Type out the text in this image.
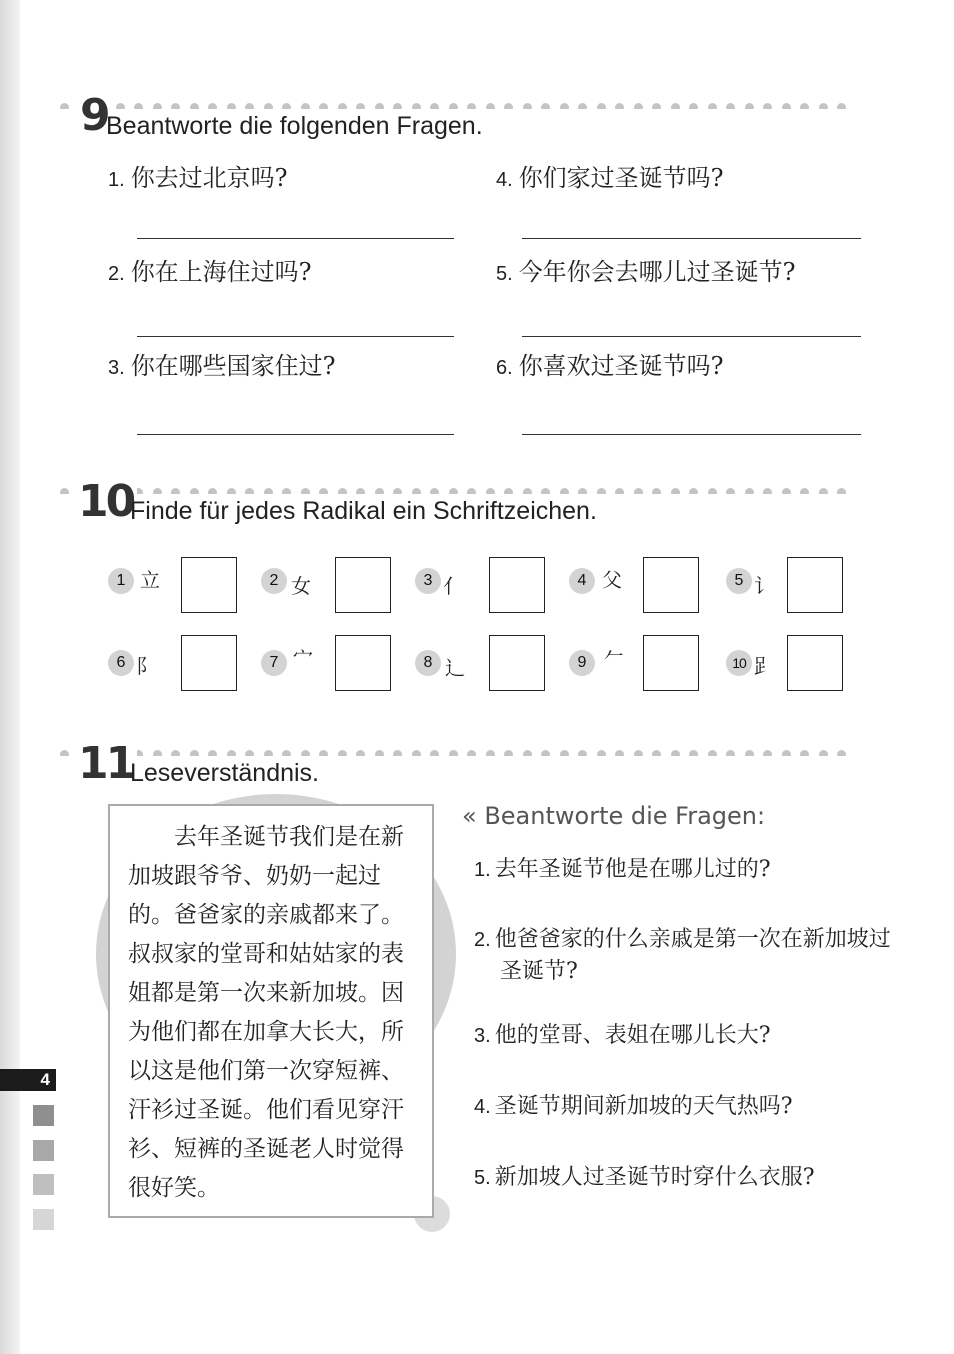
9
Beantworte die folgenden Fragen.
1. 你去过北京吗?
2. 你在上海住过吗?
3. 你在哪些国家住过?
4. 你们家过圣诞节吗?
5. 今年你会去哪儿过圣诞节?
6. 你喜欢过圣诞节吗?
10
Finde für jedes Radikal ein Schriftzeichen.
1 立	2 女	3 亻	4 父	5 讠
6 阝	7 宀	8 辶	9 𠂉	10 𧾷
11
Leseverständnis.

去年圣诞节我们是在新加坡跟爷爷、奶奶一起过的。爸爸家的亲戚都来了。叔叔家的堂哥和姑姑家的表姐都是第一次来新加坡。因为他们都在加拿大长大，所以这是他们第一次穿短裤、汗衫过圣诞。他们看见穿汗衫、短裤的圣诞老人时觉得很好笑。

« Beantworte die Fragen:
1. 去年圣诞节他是在哪儿过的?
2. 他爸爸家的什么亲戚是第一次在新加坡过圣诞节?
3. 他的堂哥、表姐在哪儿长大?
4. 圣诞节期间新加坡的天气热吗?
5. 新加坡人过圣诞节时穿什么衣服?
4
